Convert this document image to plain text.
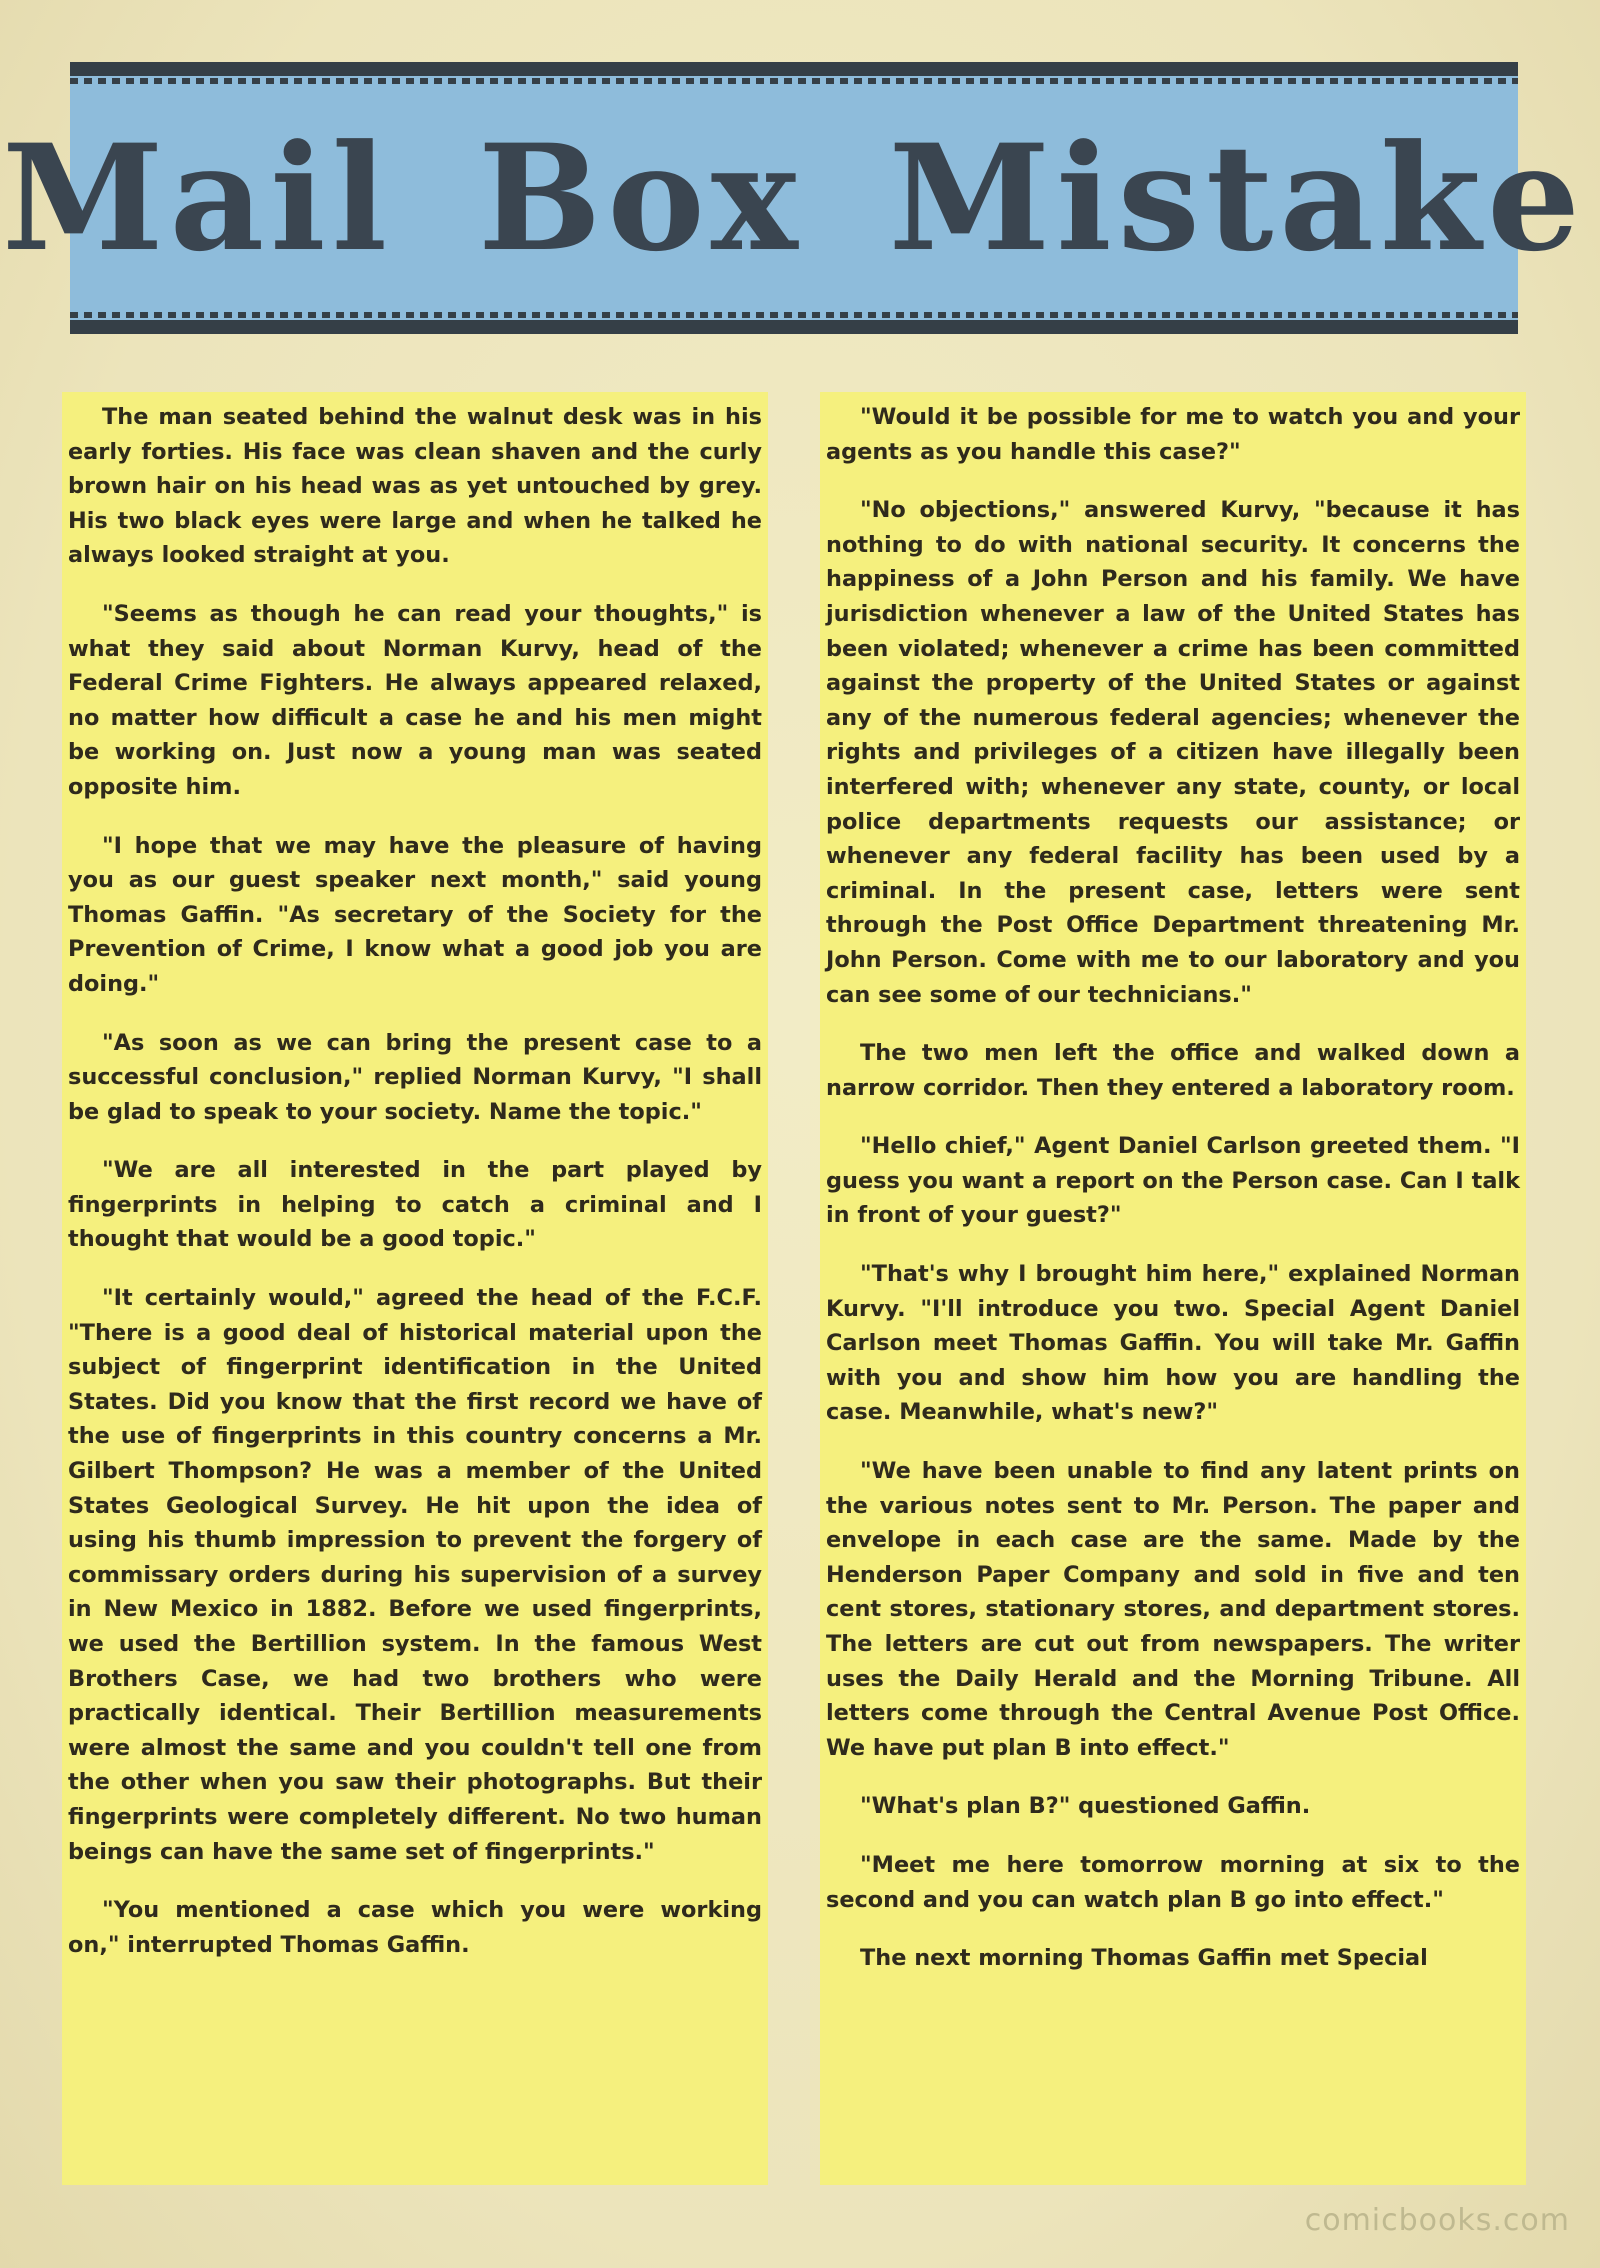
Mail Box Mistake

The man seated behind the walnut desk was in his early forties. His face was clean shaven and the curly brown hair on his head was as yet untouched by grey. His two black eyes were large and when he talked he always looked straight at you.

"Seems as though he can read your thoughts," is what they said about Norman Kurvy, head of the Federal Crime Fighters. He always appeared relaxed, no matter how difficult a case he and his men might be working on. Just now a young man was seated opposite him.

"I hope that we may have the pleasure of having you as our guest speaker next month," said young Thomas Gaffin. "As secretary of the Society for the Prevention of Crime, I know what a good job you are doing."

"As soon as we can bring the present case to a successful conclusion," replied Norman Kurvy, "I shall be glad to speak to your society. Name the topic."

"We are all interested in the part played by fingerprints in helping to catch a criminal and I thought that would be a good topic."

"It certainly would," agreed the head of the F.C.F. "There is a good deal of historical material upon the subject of fingerprint identification in the United States. Did you know that the first record we have of the use of fingerprints in this country concerns a Mr. Gilbert Thompson? He was a member of the United States Geological Survey. He hit upon the idea of using his thumb impression to prevent the forgery of commissary orders during his supervision of a survey in New Mexico in 1882. Before we used fingerprints, we used the Bertillion system. In the famous West Brothers Case, we had two brothers who were practically identical. Their Bertillion measurements were almost the same and you couldn't tell one from the other when you saw their photographs. But their fingerprints were completely different. No two human beings can have the same set of fingerprints."

"You mentioned a case which you were working on," interrupted Thomas Gaffin.

"Would it be possible for me to watch you and your agents as you handle this case?"

"No objections," answered Kurvy, "because it has nothing to do with national security. It concerns the happiness of a John Person and his family. We have jurisdiction whenever a law of the United States has been violated; whenever a crime has been committed against the property of the United States or against any of the numerous federal agencies; whenever the rights and privileges of a citizen have illegally been interfered with; whenever any state, county, or local police departments requests our assistance; or whenever any federal facility has been used by a criminal. In the present case, letters were sent through the Post Office Department threatening Mr. John Person. Come with me to our laboratory and you can see some of our technicians."

The two men left the office and walked down a narrow corridor. Then they entered a laboratory room.

"Hello chief," Agent Daniel Carlson greeted them. "I guess you want a report on the Person case. Can I talk in front of your guest?"

"That's why I brought him here," explained Norman Kurvy. "I'll introduce you two. Special Agent Daniel Carlson meet Thomas Gaffin. You will take Mr. Gaffin with you and show him how you are handling the case. Meanwhile, what's new?"

"We have been unable to find any latent prints on the various notes sent to Mr. Person. The paper and envelope in each case are the same. Made by the Henderson Paper Company and sold in five and ten cent stores, stationary stores, and department stores. The letters are cut out from newspapers. The writer uses the Daily Herald and the Morning Tribune. All letters come through the Central Avenue Post Office. We have put plan B into effect."

"What's plan B?" questioned Gaffin.

"Meet me here tomorrow morning at six to the second and you can watch plan B go into effect."

The next morning Thomas Gaffin met Special

comicbooks.com
